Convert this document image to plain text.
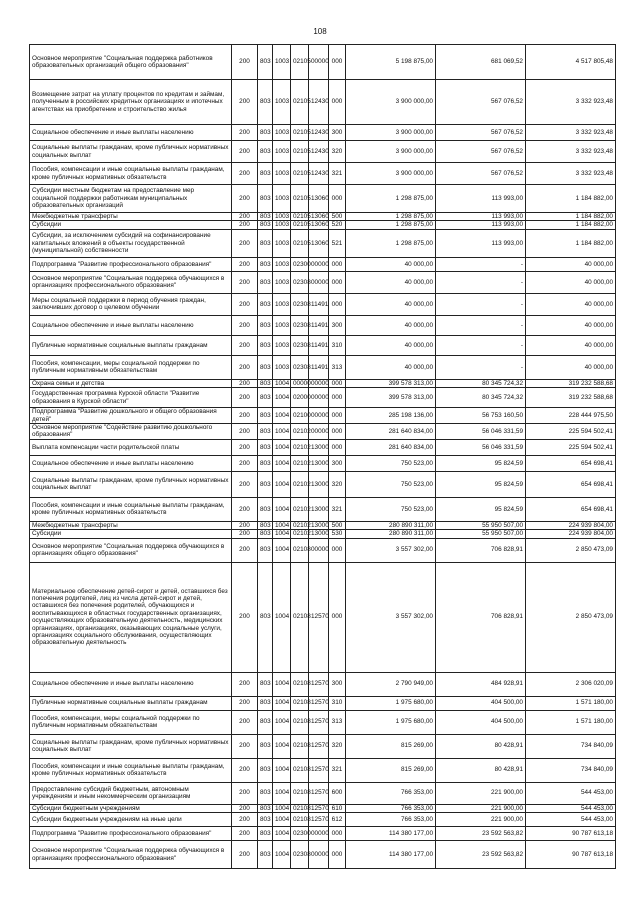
108
Основное мероприятие "Социальная поддержка работников образовательных организаций общего образования"	200	803	1003	02105	00000	000	5 198 875,00	681 069,52	4 517 805,48
Возмещение затрат на уплату процентов по кредитам и займам, полученным в российских кредитных организациях и ипотечных агентствах на приобретение и строительство жилья	200	803	1003	02105	12430	000	3 900 000,00	567 076,52	3 332 923,48
Социальное обеспечение и иные выплаты населению	200	803	1003	02105	12430	300	3 900 000,00	567 076,52	3 332 923,48
Социальные выплаты гражданам, кроме публичных нормативных социальных выплат	200	803	1003	02105	12430	320	3 900 000,00	567 076,52	3 332 923,48
Пособия, компенсации и иные социальные выплаты гражданам, кроме публичных нормативных обязательств	200	803	1003	02105	12430	321	3 900 000,00	567 076,52	3 332 923,48
Субсидии местным бюджетам на предоставление мер социальной поддержки работникам муниципальных образовательных организаций	200	803	1003	02105	13060	000	1 298 875,00	113 993,00	1 184 882,00
Межбюджетные трансферты	200	803	1003	02105	13060	500	1 298 875,00	113 993,00	1 184 882,00
Субсидии	200	803	1003	02105	13060	520	1 298 875,00	113 993,00	1 184 882,00
Субсидии, за исключением субсидий на софинансирование капитальных вложений в объекты государственной (муниципальной) собственности	200	803	1003	02105	13060	521	1 298 875,00	113 993,00	1 184 882,00
Подпрограмма "Развитие профессионального образования"	200	803	1003	02300	00000	000	40 000,00	-	40 000,00
Основное мероприятие "Социальная поддержка обучающихся в организациях профессионального образования"	200	803	1003	02308	00000	000	40 000,00	-	40 000,00
Меры социальной поддержки в период обучения граждан, заключивших договор о целевом обучении	200	803	1003	02308	11491	000	40 000,00	-	40 000,00
Социальное обеспечение и иные выплаты населению	200	803	1003	02308	11491	300	40 000,00	-	40 000,00
Публичные нормативные социальные выплаты гражданам	200	803	1003	02308	11491	310	40 000,00	-	40 000,00
Пособия, компенсации, меры социальной поддержки по публичным нормативным обязательствам	200	803	1003	02308	11491	313	40 000,00	-	40 000,00
Охрана семьи и детства	200	803	1004	00000	00000	000	399 578 313,00	80 345 724,32	319 232 588,68
Государственная программа Курской области "Развитие образования в Курской области"	200	803	1004	02000	00000	000	399 578 313,00	80 345 724,32	319 232 588,68
Подпрограмма "Развитие дошкольного и общего образования детей"	200	803	1004	02100	00000	000	285 198 136,00	56 753 160,50	228 444 975,50
Основное мероприятие "Содействие развитию дошкольного образования"	200	803	1004	02102	00000	000	281 640 834,00	56 046 331,59	225 594 502,41
Выплата компенсации части родительской платы	200	803	1004	02102	13000	000	281 640 834,00	56 046 331,59	225 594 502,41
Социальное обеспечение и иные выплаты населению	200	803	1004	02102	13000	300	750 523,00	95 824,59	654 698,41
Социальные выплаты гражданам, кроме публичных нормативных социальных выплат	200	803	1004	02102	13000	320	750 523,00	95 824,59	654 698,41
Пособия, компенсации и иные социальные выплаты гражданам, кроме публичных нормативных обязательств	200	803	1004	02102	13000	321	750 523,00	95 824,59	654 698,41
Межбюджетные трансферты	200	803	1004	02102	13000	500	280 890 311,00	55 950 507,00	224 939 804,00
Субсидии	200	803	1004	02102	13000	530	280 890 311,00	55 950 507,00	224 939 804,00
Основное мероприятие "Социальная поддержка обучающихся в организациях общего образования"	200	803	1004	02108	00000	000	3 557 302,00	706 828,91	2 850 473,09
Материальное обеспечение детей-сирот и детей, оставшихся без попечения родителей, лиц из числа детей-сирот и детей, оставшихся без попечения родителей, обучающихся и воспитывающихся в областных государственных организациях, осуществляющих образовательную деятельность, медицинских организациях, организациях, оказывающих социальные услуги, организациях социального обслуживания, осуществляющих образовательную деятельность	200	803	1004	02108	12570	000	3 557 302,00	706 828,91	2 850 473,09
Социальное обеспечение и иные выплаты населению	200	803	1004	02108	12570	300	2 790 949,00	484 928,91	2 306 020,09
Публичные нормативные социальные выплаты гражданам	200	803	1004	02108	12570	310	1 975 680,00	404 500,00	1 571 180,00
Пособия, компенсации, меры социальной поддержки по публичным нормативным обязательствам	200	803	1004	02108	12570	313	1 975 680,00	404 500,00	1 571 180,00
Социальные выплаты гражданам, кроме публичных нормативных социальных выплат	200	803	1004	02108	12570	320	815 269,00	80 428,91	734 840,09
Пособия, компенсации и иные социальные выплаты гражданам, кроме публичных нормативных обязательств	200	803	1004	02108	12570	321	815 269,00	80 428,91	734 840,09
Предоставление субсидий бюджетным, автономным учреждениям и иным некоммерческим организациям	200	803	1004	02108	12570	600	766 353,00	221 900,00	544 453,00
Субсидии бюджетным учреждениям	200	803	1004	02108	12570	610	766 353,00	221 900,00	544 453,00
Субсидии бюджетным учреждениям на иные цели	200	803	1004	02108	12570	612	766 353,00	221 900,00	544 453,00
Подпрограмма "Развитие профессионального образования"	200	803	1004	02300	00000	000	114 380 177,00	23 592 563,82	90 787 613,18
Основное мероприятие "Социальная поддержка обучающихся в организациях профессионального образования"	200	803	1004	02308	00000	000	114 380 177,00	23 592 563,82	90 787 613,18
